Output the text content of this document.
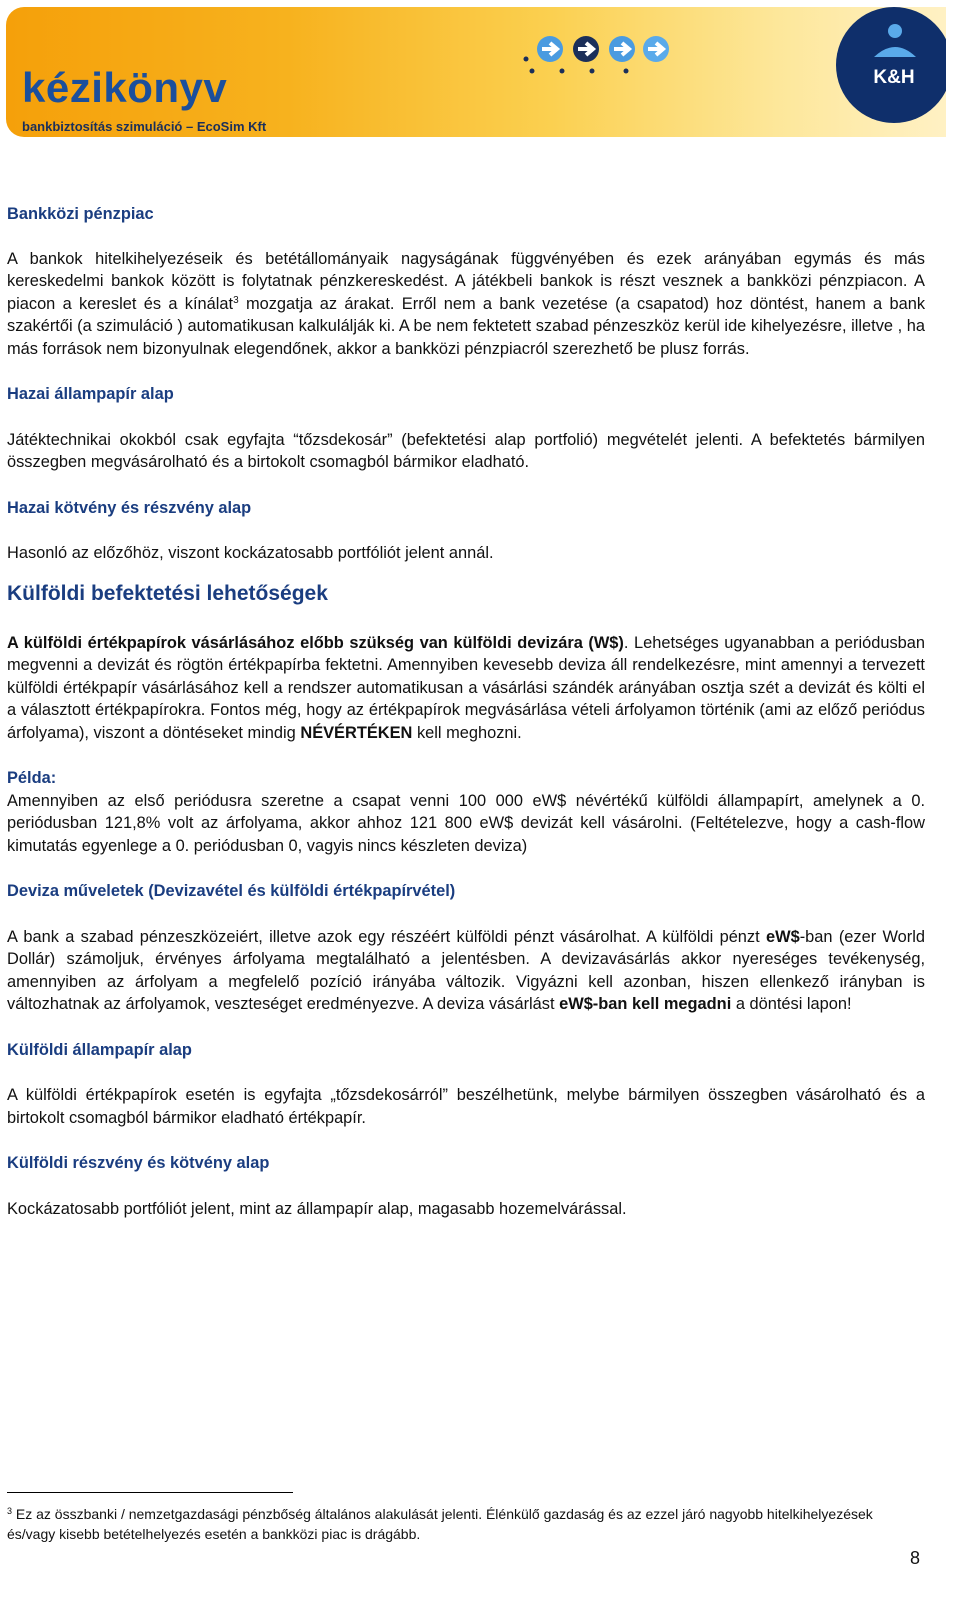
kézikönyv
bankbiztosítás szimuláció – EcoSim Kft
K&H

Bankközi pénzpiac

A bankok hitelkihelyezéseik és betétállományaik nagyságának függvényében és ezek arányában egymás és más kereskedelmi bankok között is folytatnak pénzkereskedést. A játékbeli bankok is részt vesznek a bankközi pénzpiacon. A piacon a kereslet és a kínálat$^3$ mozgatja az árakat. Erről nem a bank vezetése (a csapatod) hoz döntést, hanem a bank szakértői (a szimuláció ) automatikusan kalkulálják ki. A be nem fektetett szabad pénzeszköz kerül ide kihelyezésre, illetve , ha más források nem bizonyulnak elegendőnek, akkor a bankközi pénzpiacról szerezhető be plusz forrás.

Hazai állampapír alap

Játéktechnikai okokból csak egyfajta “tőzsdekosár” (befektetési alap portfolió) megvételét jelenti. A befektetés bármilyen összegben megvásárolható és a birtokolt csomagból bármikor eladható.

Hazai kötvény és részvény alap

Hasonló az előzőhöz, viszont kockázatosabb portfóliót jelent annál.

Külföldi befektetési lehetőségek

A külföldi értékpapírok vásárlásához előbb szükség van külföldi devizára (W$). Lehetséges ugyanabban a periódusban megvenni a devizát és rögtön értékpapírba fektetni. Amennyiben kevesebb deviza áll rendelkezésre, mint amennyi a tervezett külföldi értékpapír vásárlásához kell a rendszer automatikusan a vásárlási szándék arányában osztja szét a devizát és költi el a választott értékpapírokra. Fontos még, hogy az értékpapírok megvásárlása vételi árfolyamon történik (ami az előző periódus árfolyama), viszont a döntéseket mindig NÉVÉRTÉKEN kell meghozni.

Példa:

Amennyiben az első periódusra szeretne a csapat venni 100 000 eW$ névértékű külföldi állampapírt, amelynek a 0. periódusban 121,8% volt az árfolyama, akkor ahhoz 121 800 eW$ devizát kell vásárolni. (Feltételezve, hogy a cash-flow kimutatás egyenlege a 0. periódusban 0, vagyis nincs készleten deviza)

Deviza műveletek (Devizavétel és külföldi értékpapírvétel)

A bank a szabad pénzeszközeiért, illetve azok egy részéért külföldi pénzt vásárolhat. A külföldi pénzt eW$-ban (ezer World Dollár) számoljuk, érvényes árfolyama megtalálható a jelentésben. A devizavásárlás akkor nyereséges tevékenység, amennyiben az árfolyam a megfelelő pozíció irányába változik. Vigyázni kell azonban, hiszen ellenkező irányban is változhatnak az árfolyamok, veszteséget eredményezve. A deviza vásárlást eW$-ban kell megadni a döntési lapon!

Külföldi állampapír alap

A külföldi értékpapírok esetén is egyfajta „tőzsdekosárról” beszélhetünk, melybe bármilyen összegben vásárolható és a birtokolt csomagból bármikor eladható értékpapír.

Külföldi részvény és kötvény alap

Kockázatosabb portfóliót jelent, mint az állampapír alap, magasabb hozemelvárással.

$^3$ Ez az összbanki / nemzetgazdasági pénzbőség általános alakulását jelenti. Élénkülő gazdaság és az ezzel járó nagyobb hitelkihelyezések és/vagy kisebb betételhelyezés esetén a bankközi piac is drágább.
8
